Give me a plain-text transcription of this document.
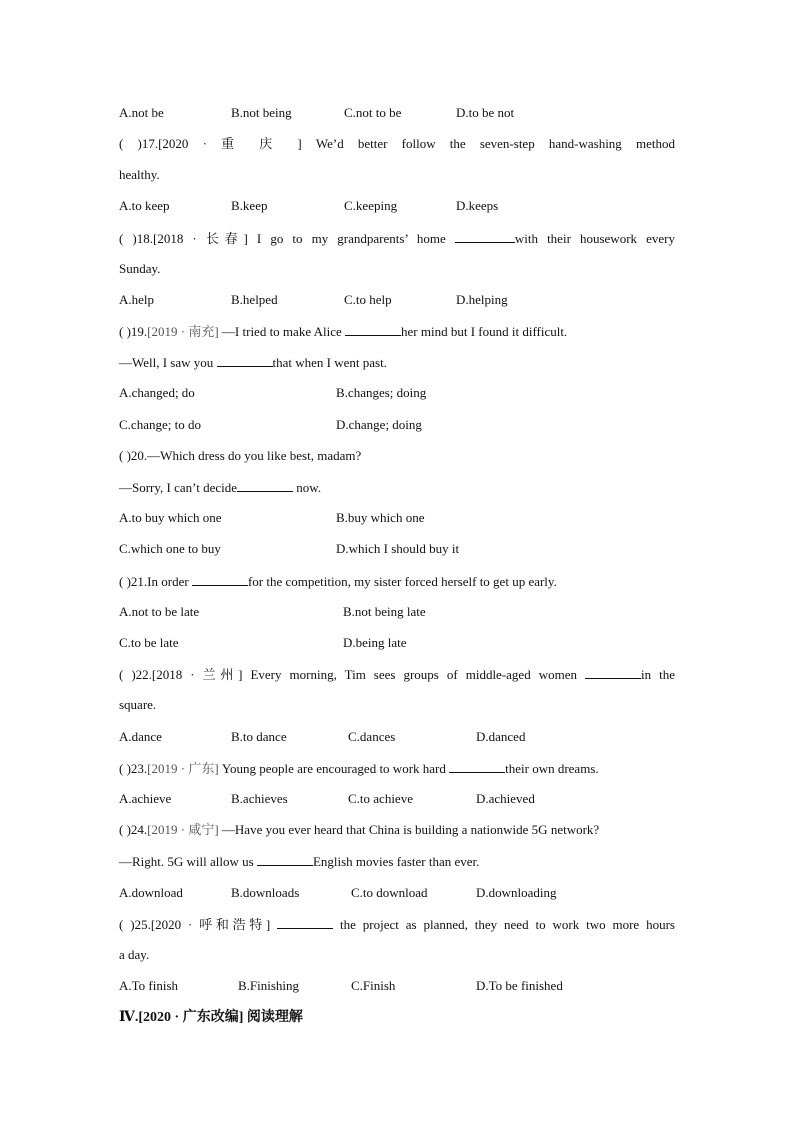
A.not be	B.not being	C.not to be	D.to be not
( )17.[2020 · 重 庆 ] We’d better follow the seven-step hand-washing method
healthy.
A.to keep	B.keep	C.keeping	D.keeps
( )18.[2018 · 长春] I go to my grandparents’ home	with their housework every
Sunday.
A.help	B.helped	C.to help	D.helping
( )19.[2019 · 南充] —I tried to make Alice	her mind but I found it difficult.
—Well, I saw you	that when I went past.
A.changed; do	B.changes; doing
C.change; to do	D.change; doing
( )20.—Which dress do you like best, madam?
—Sorry, I can’t decide	now.
A.to buy which one	B.buy which one
C.which one to buy	D.which I should buy it
( )21.In order	for the competition, my sister forced herself to get up early.
A.not to be late	B.not being late
C.to be late	D.being late
( )22.[2018 · 兰州] Every morning, Tim sees groups of middle-aged women	in the
square.
A.dance	B.to dance	C.dances	D.danced
( )23.[2019 · 广东] Young people are encouraged to work hard	their own dreams.
A.achieve	B.achieves	C.to achieve	D.achieved
( )24.[2019 · 咸宁] —Have you ever heard that China is building a nationwide 5G network?
—Right. 5G will allow us	English movies faster than ever.
A.download	B.downloads	C.to download	D.downloading
( )25.[2020 · 呼和浩特]	the project as planned, they need to work two more hours
a day.
A.To finish	B.Finishing	C.Finish	D.To be finished
Ⅳ.[2020 · 广东改编] 阅读理解
